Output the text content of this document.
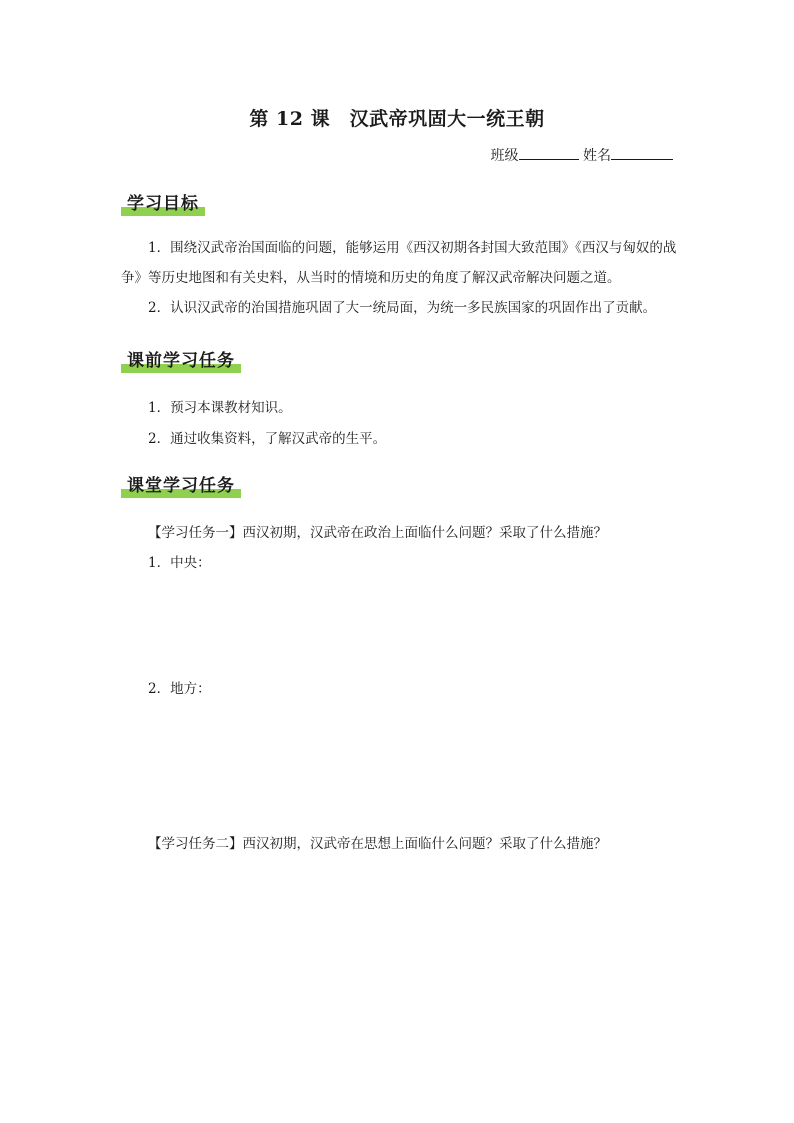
第 12 课　汉武帝巩固大一统王朝
班级	姓名
学习目标
1．围绕汉武帝治国面临的问题，能够运用《西汉初期各封国大致范围》《西汉与匈奴的战争》等历史地图和有关史料，从当时的情境和历史的角度了解汉武帝解决问题之道。
2．认识汉武帝的治国措施巩固了大一统局面，为统一多民族国家的巩固作出了贡献。
课前学习任务
1．预习本课教材知识。
2．通过收集资料，了解汉武帝的生平。
课堂学习任务
【学习任务一】西汉初期，汉武帝在政治上面临什么问题？采取了什么措施？
1．中央：
2．地方：
【学习任务二】西汉初期，汉武帝在思想上面临什么问题？采取了什么措施？
